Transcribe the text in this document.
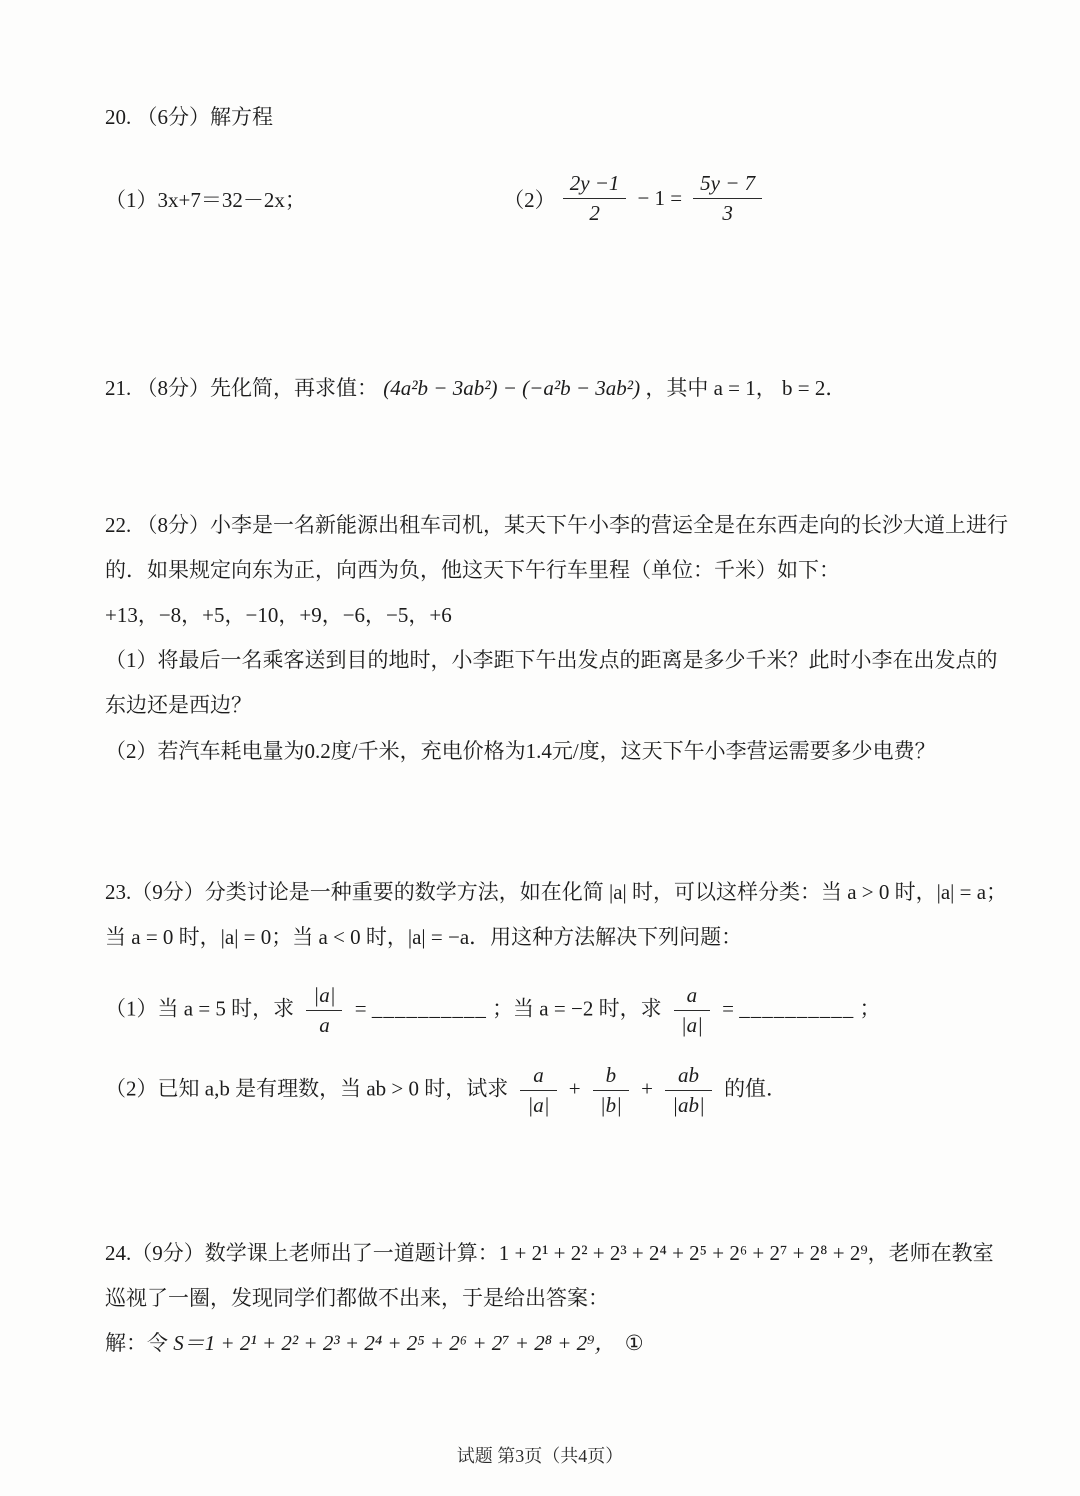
20. （6分）解方程

（1）3x+7＝32－2x；	$(2) \frac{2y -1}{2} - 1 = \frac{5y - 7}{3}$

21. （8分）先化简，再求值： (4a²b − 3ab²) − (−a²b − 3ab²) ，其中 a = 1， b = 2．

22. （8分）小李是一名新能源出租车司机，某天下午小李的营运全是在东西走向的长沙大道上进行的．如果规定向东为正，向西为负，他这天下午行车里程（单位：千米）如下：

+13，−8，+5，−10，+9，−6，−5，+6

（1）将最后一名乘客送到目的地时，小李距下午出发点的距离是多少千米？此时小李在出发点的东边还是西边？

（2）若汽车耗电量为0.2度/千米，充电价格为1.4元/度，这天下午小李营运需要多少电费？

23.（9分）分类讨论是一种重要的数学方法，如在化简 |a| 时，可以这样分类：当 a > 0 时，|a| = a；当 a = 0 时，|a| = 0；当 a < 0 时，|a| = −a．用这种方法解决下列问题：

（1）当 a = 5 时，求 $\frac{|a|}{a}$ = __________ ；当 a = −2 时，求 $\frac{a}{|a|}$ = __________ ；

（2）已知 a,b 是有理数，当 ab > 0 时，试求 $\frac{a}{|a|} + \frac{b}{|b|} + \frac{ab}{|ab|}$ 的值．

24.（9分）数学课上老师出了一道题计算：1 + 2¹ + 2² + 2³ + 2⁴ + 2⁵ + 2⁶ + 2⁷ + 2⁸ + 2⁹，老师在教室巡视了一圈，发现同学们都做不出来，于是给出答案：

解：令 S＝1 + 2¹ + 2² + 2³ + 2⁴ + 2⁵ + 2⁶ + 2⁷ + 2⁸ + 2⁹， ①

试题 第3页（共4页）
